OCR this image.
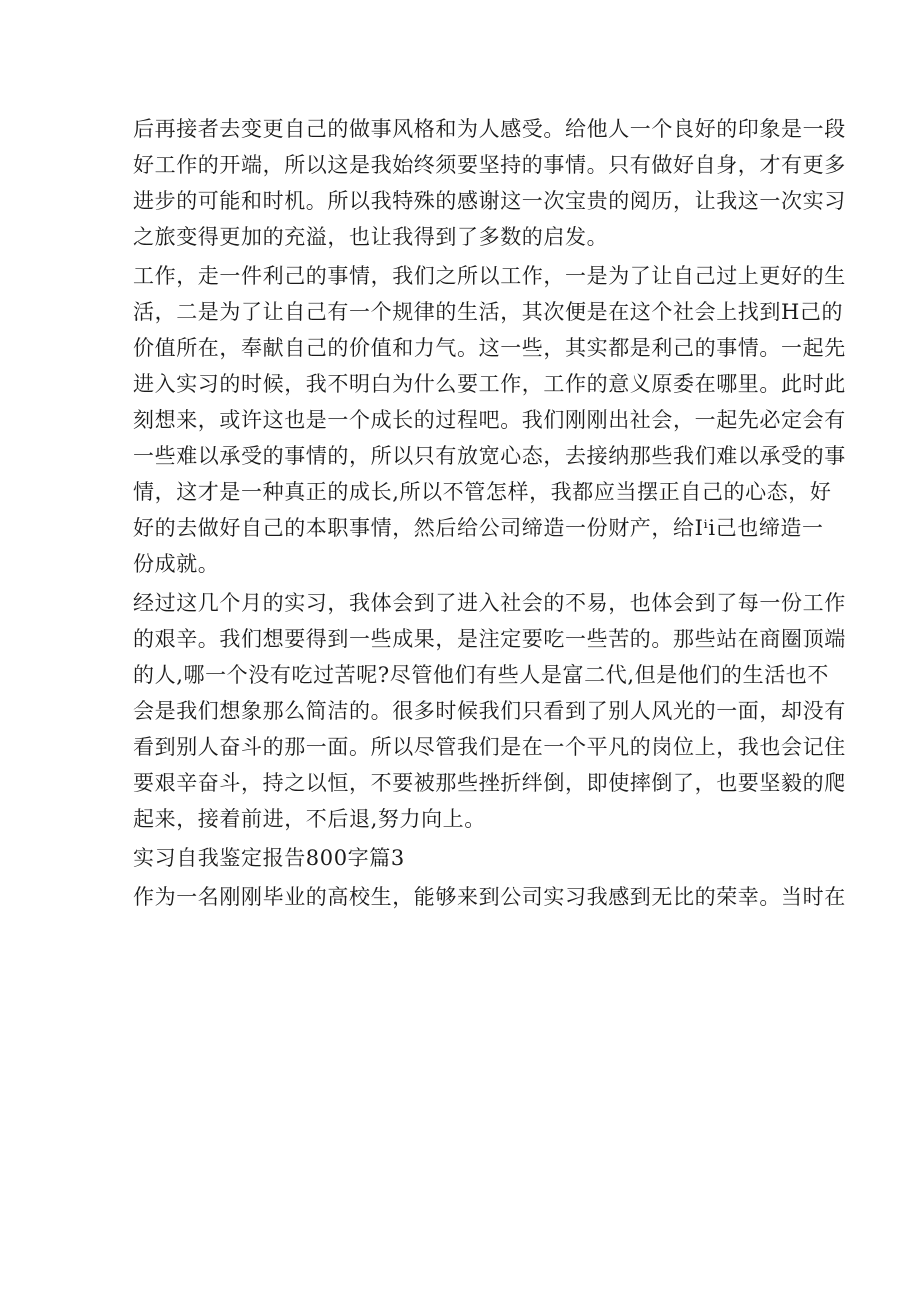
后再接者去变更自己的做事风格和为人感受。给他人一个良好的印象是一段
好工作的开端，所以这是我始终须要坚持的事情。只有做好自身，才有更多
进步的可能和时机。所以我特殊的感谢这一次宝贵的阅历，让我这一次实习
之旅变得更加的充溢，也让我得到了多数的启发。

工作，走一件利己的事情，我们之所以工作，一是为了让自己过上更好的生
活，二是为了让自己有一个规律的生活，其次便是在这个社会上找到H己的
价值所在，奉献自己的价值和力气。这一些，其实都是利己的事情。一起先
进入实习的时候，我不明白为什么要工作，工作的意义原委在哪里。此时此
刻想来，或许这也是一个成长的过程吧。我们刚刚出社会，一起先必定会有
一些难以承受的事情的，所以只有放宽心态，去接纳那些我们难以承受的事
情，这才是一种真正的成长,所以不管怎样，我都应当摆正自己的心态，好
好的去做好自己的本职事情，然后给公司缔造一份财产，给Iⁱi己也缔造一
份成就。

经过这几个月的实习，我体会到了进入社会的不易，也体会到了每一份工作
的艰辛。我们想要得到一些成果，是注定要吃一些苦的。那些站在商圈顶端
的人,哪一个没有吃过苦呢?尽管他们有些人是富二代,但是他们的生活也不
会是我们想象那么简洁的。很多时候我们只看到了别人风光的一面，却没有
看到别人奋斗的那一面。所以尽管我们是在一个平凡的岗位上，我也会记住
要艰辛奋斗，持之以恒，不要被那些挫折绊倒，即使摔倒了，也要坚毅的爬
起来，接着前进，不后退,努力向上。

实习自我鉴定报告800字篇3

作为一名刚刚毕业的高校生，能够来到公司实习我感到无比的荣幸。当时在
